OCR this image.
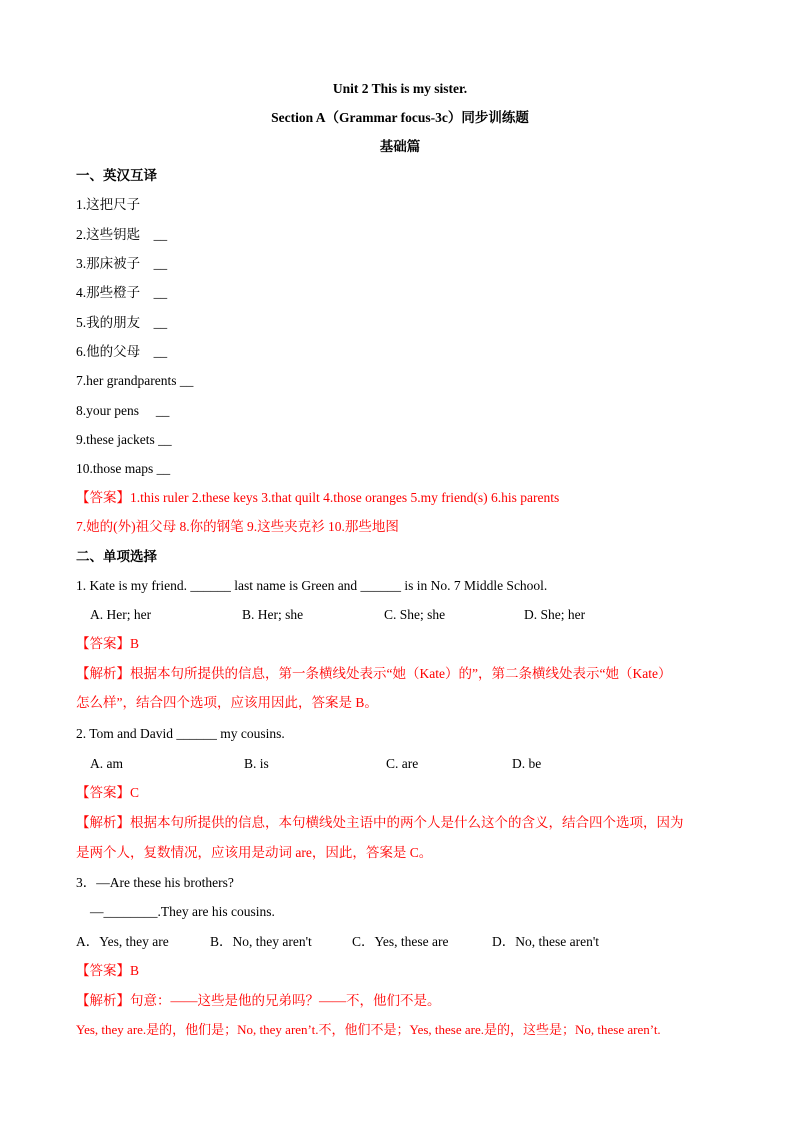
Unit 2 This is my sister.
Section A（Grammar focus-3c）同步训练题
基础篇
一、英汉互译
1.这把尺子
2.这些钥匙　__
3.那床被子　__
4.那些橙子　__
5.我的朋友　__
6.他的父母　__
7.her grandparents __
8.your pens　 __
9.these jackets __
10.those maps __
【答案】1.this ruler 2.these keys 3.that quilt 4.those oranges 5.my friend(s) 6.his parents
7.她的(外)祖父母 8.你的钢笔 9.这些夹克衫 10.那些地图
二、单项选择
1. Kate is my friend. ______ last name is Green and ______ is in No. 7 Middle School.
A. Her; her	B. Her; she	C. She; she	D. She; her
【答案】B
【解析】根据本句所提供的信息，第一条横线处表示“她（Kate）的”，第二条横线处表示“她（Kate）
怎么样”，结合四个选项，应该用因此，答案是 B。
2. Tom and David ______ my cousins.
A. am	B. is	C. are	D. be
【答案】C
【解析】根据本句所提供的信息，本句横线处主语中的两个人是什么这个的含义，结合四个选项，因为
是两个人，复数情况，应该用是动词 are，因此，答案是 C。
3．—Are these his brothers?
—________.They are his cousins.
A．Yes, they are	B．No, they aren't	C．Yes, these are	D．No, these aren't
【答案】B
【解析】句意：——这些是他的兄弟吗？——不，他们不是。
Yes, they are.是的，他们是；No, they aren’t.不，他们不是；Yes, these are.是的，这些是；No, these aren’t.
